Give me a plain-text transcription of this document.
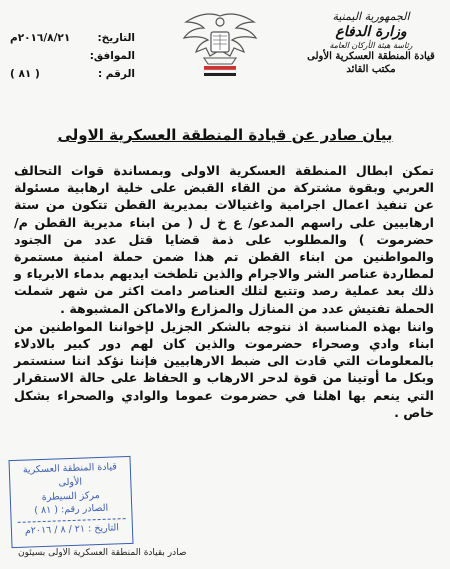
الجمهورية اليمنية
وزارة الدفاع
رئاسة هيئة الأركان العامة
قيادة المنطقة العسكرية الأولى
مكتب القائد
التاريخ:
٢٠١٦/٨/٢١م
الموافق:
الرقم :
( ٨١ )
بيان صادر عن قيادة المنطقة العسكرية الاولى

تمكن ابطال المنطقة العسكرية الاولى وبمساندة قوات التحالف العربي وبقوة مشتركة من القاء القبض على خلية ارهابية مسئولة عن تنفيذ اعمال اجرامية واغتيالات بمديرية القطن تتكون من ستة ارهابيين على راسهم المدعو/ ع خ ل ( من ابناء مديرية القطن م/ حضرموت ) والمطلوب على ذمة قضايا قتل عدد من الجنود والمواطنين من ابناء القطن تم هذا ضمن حملة امنية مستمرة لمطاردة عناصر الشر والاجرام والذين تلطخت ايديهم بدماء الابرياء و ذلك بعد عملية رصد وتتبع لتلك العناصر دامت اكثر من شهر شملت الحملة تفتيش عدد من المنازل والمزارع والاماكن المشبوهة .

واننا بهذه المناسبة اذ نتوجه بالشكر الجزيل لإخواننا المواطنين من ابناء وادي وصحراء حضرموت والذين كان لهم دور كبير بالادلاء بالمعلومات التي قادت الى ضبط الارهابيين فإننا نؤكد اننا سنستمر وبكل ما أوتينا من قوة لدحر الارهاب و الحفاظ على حالة الاستقرار التي ينعم بها اهلنا في حضرموت عموما والوادي والصحراء بشكل خاص .

قيادة المنطقة العسكرية الأولى
مركز السيطرة
الصادر رقم: ( ٨١ )
التاريخ : ٢١ / ٨ / ٢٠١٦م
صادر بقيادة المنطقة العسكرية الاولى بسيئون
